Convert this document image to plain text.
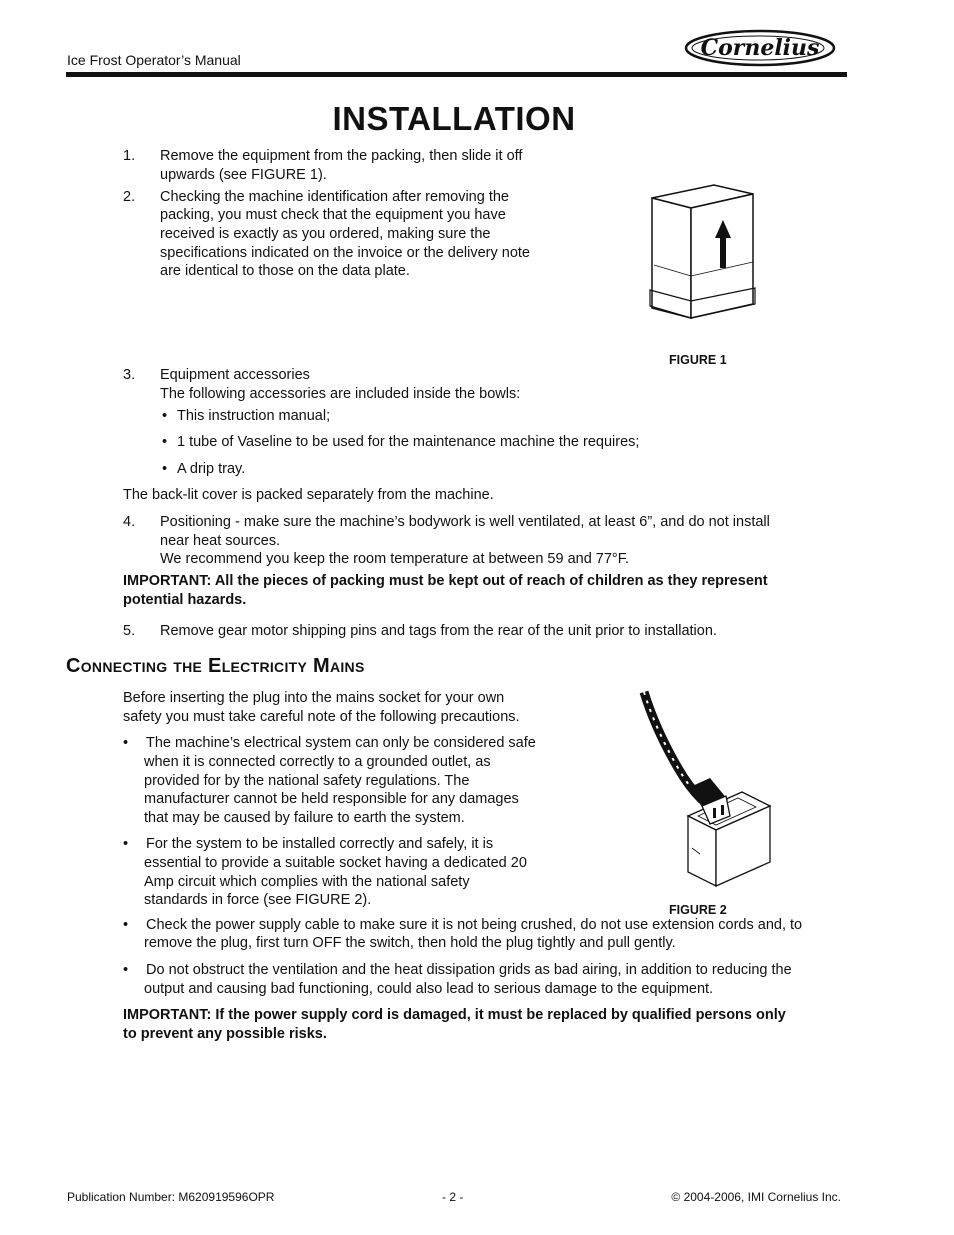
Ice Frost Operator’s Manual	Cornelius
INSTALLATION
1. Remove the equipment from the packing, then slide it off
upwards (see FIGURE 1).
2. Checking the machine identification after removing the
packing, you must check that the equipment you have
received is exactly as you ordered, making sure the
specifications indicated on the invoice or the delivery note
are identical to those on the data plate.
FIGURE 1
3. Equipment accessories
The following accessories are included inside the bowls:
• This instruction manual;
• 1 tube of Vaseline to be used for the maintenance machine the requires;
• A drip tray.
The back-lit cover is packed separately from the machine.
4. Positioning - make sure the machine’s bodywork is well ventilated, at least 6”, and do not install
near heat sources.
We recommend you keep the room temperature at between 59 and 77°F.
IMPORTANT: All the pieces of packing must be kept out of reach of children as they represent
potential hazards.
5. Remove gear motor shipping pins and tags from the rear of the unit prior to installation.
Connecting the Electricity Mains
Before inserting the plug into the mains socket for your own
safety you must take careful note of the following precautions.
• The machine’s electrical system can only be considered safe
when it is connected correctly to a grounded outlet, as
provided for by the national safety regulations. The
manufacturer cannot be held responsible for any damages
that may be caused by failure to earth the system.
• For the system to be installed correctly and safely, it is
essential to provide a suitable socket having a dedicated 20
Amp circuit which complies with the national safety
standards in force (see FIGURE 2).
FIGURE 2
• Check the power supply cable to make sure it is not being crushed, do not use extension cords and, to
remove the plug, first turn OFF the switch, then hold the plug tightly and pull gently.
• Do not obstruct the ventilation and the heat dissipation grids as bad airing, in addition to reducing the
output and causing bad functioning, could also lead to serious damage to the equipment.
IMPORTANT: If the power supply cord is damaged, it must be replaced by qualified persons only
to prevent any possible risks.
Publication Number: M620919596OPR	- 2 -	© 2004-2006, IMI Cornelius Inc.
